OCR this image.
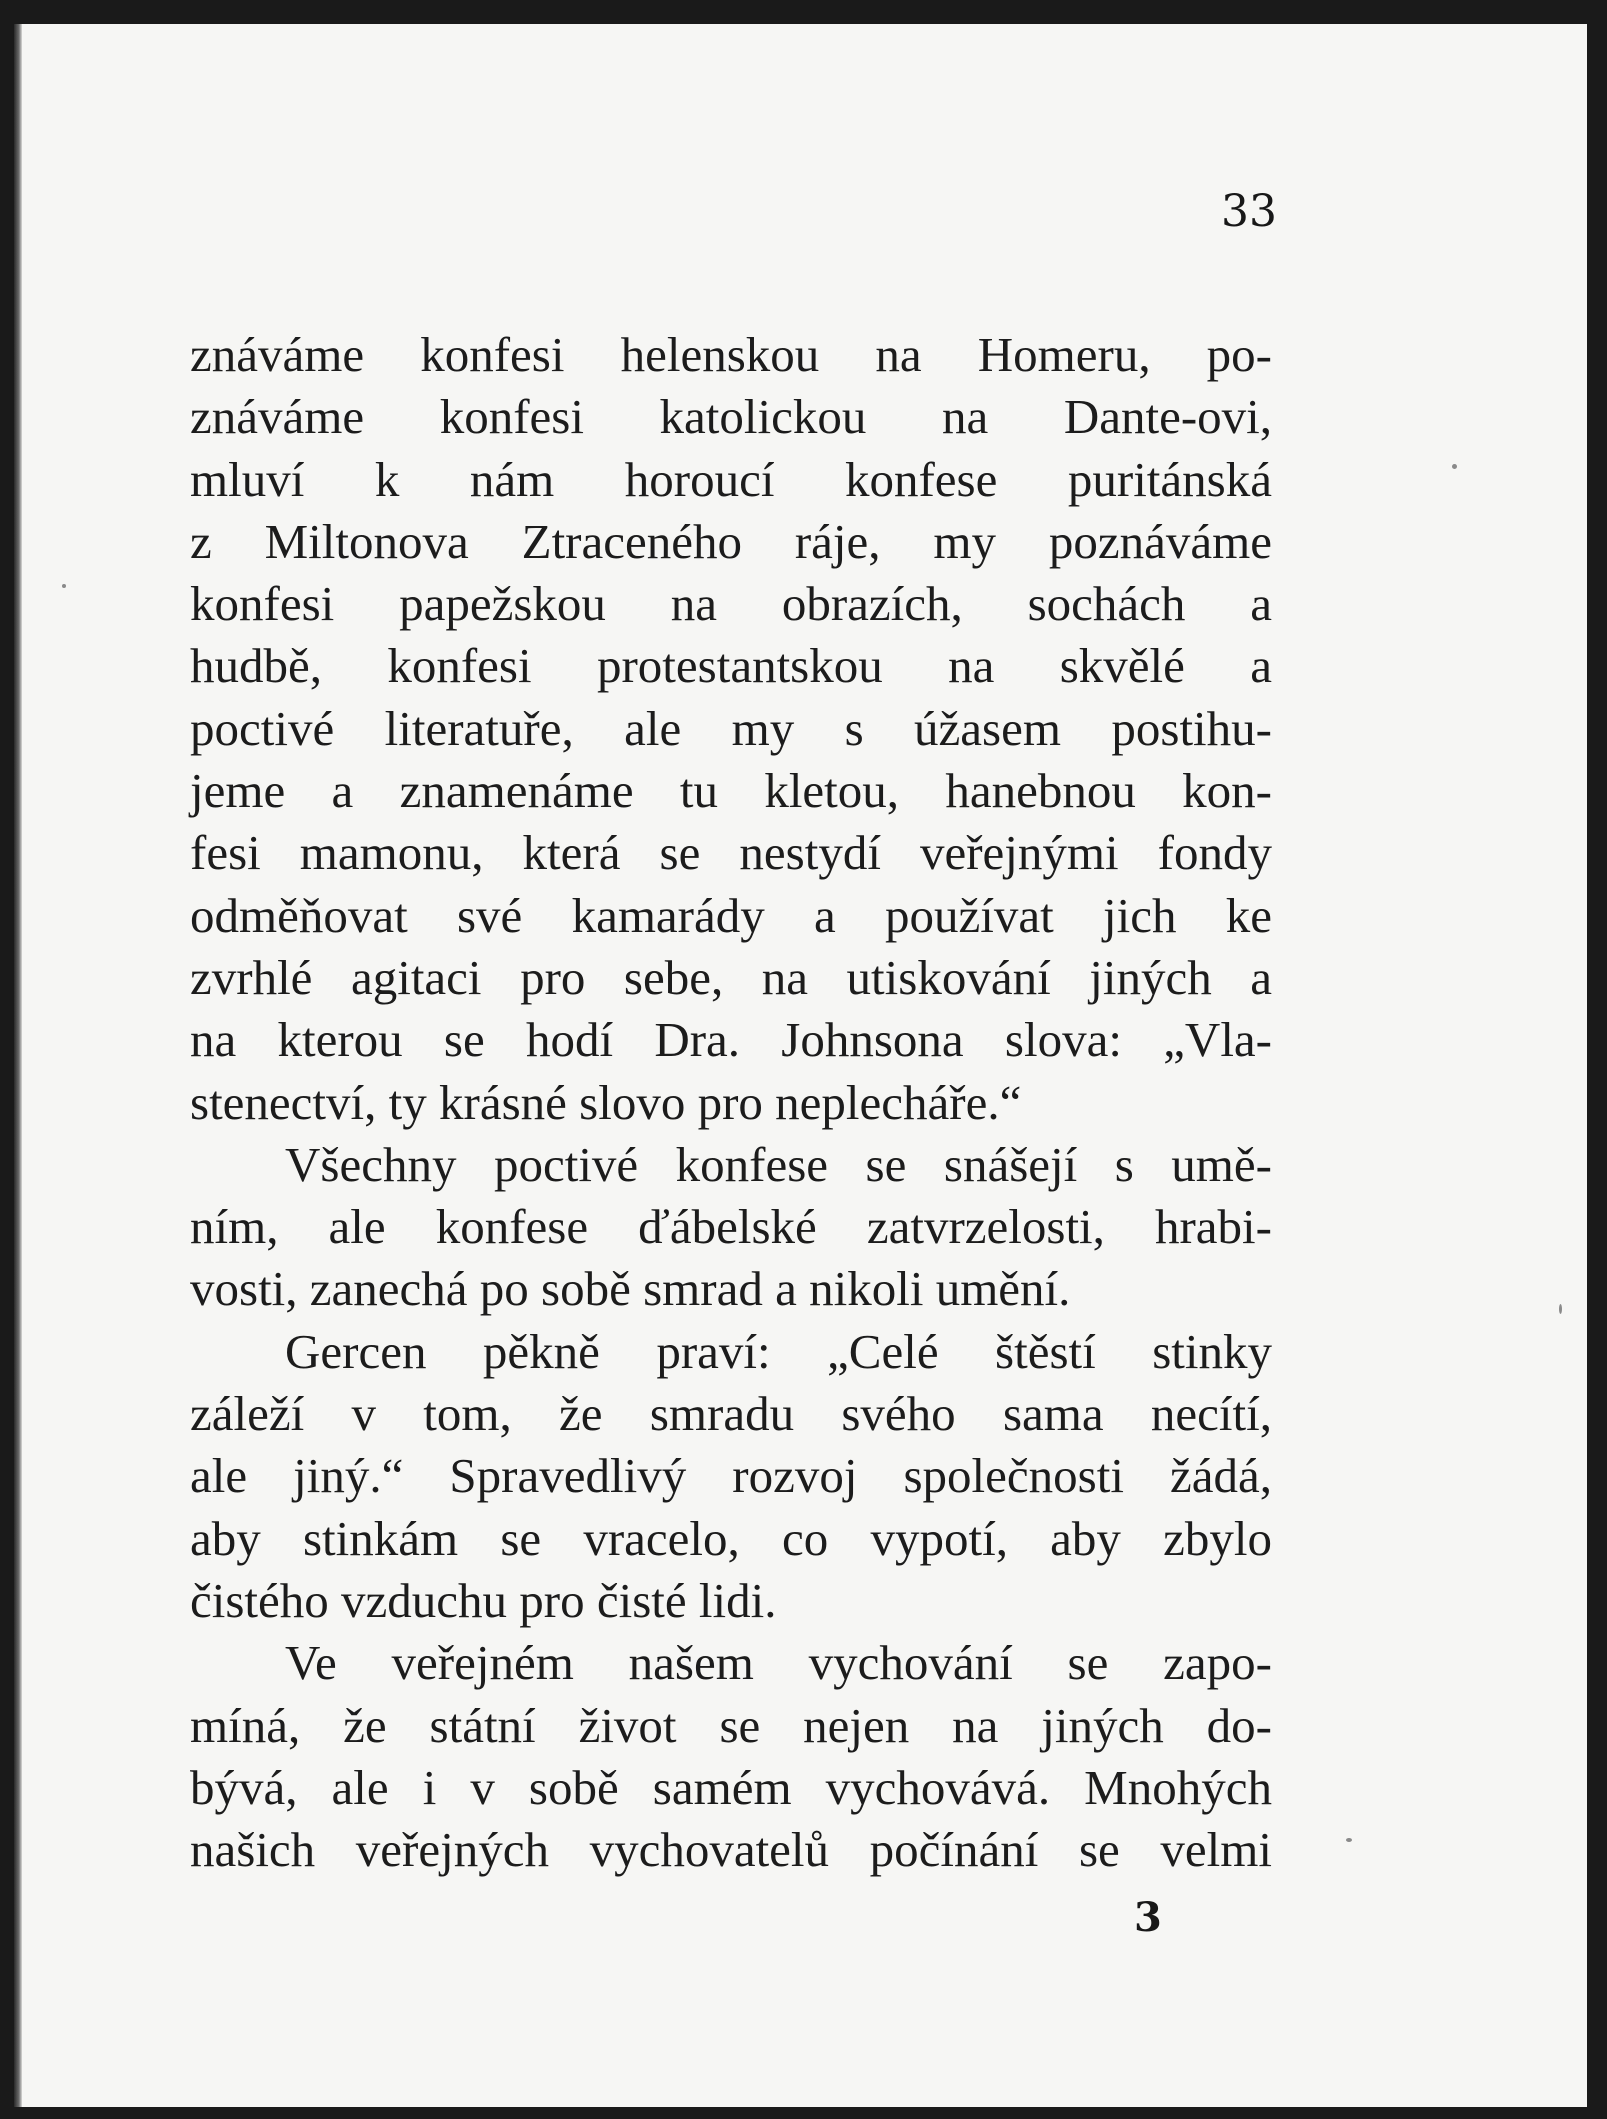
33

znáváme konfesi helenskou na Homeru, po-
znáváme konfesi katolickou na Dante-ovi,
mluví k nám horoucí konfese puritánská
z Miltonova Ztraceného ráje, my poznáváme
konfesi papežskou na obrazích, sochách a
hudbě, konfesi protestantskou na skvělé a
poctivé literatuře, ale my s úžasem postihu-
jeme a znamenáme tu kletou, hanebnou kon-
fesi mamonu, která se nestydí veřejnými fondy
odměňovat své kamarády a používat jich ke
zvrhlé agitaci pro sebe, na utiskování jiných a
na kterou se hodí Dra. Johnsona slova: „Vla-
stenectví, ty krásné slovo pro neplecháře.“
Všechny poctivé konfese se snášejí s umě-
ním, ale konfese ďábelské zatvrzelosti, hrabi-
vosti, zanechá po sobě smrad a nikoli umění.
Gercen pěkně praví: „Celé štěstí stinky
záleží v tom, že smradu svého sama necítí,
ale jiný.“ Spravedlivý rozvoj společnosti žádá,
aby stinkám se vracelo, co vypotí, aby zbylo
čistého vzduchu pro čisté lidi.
Ve veřejném našem vychování se zapo-
míná, že státní život se nejen na jiných do-
bývá, ale i v sobě samém vychovává. Mnohých
našich veřejných vychovatelů počínání se velmi

3
